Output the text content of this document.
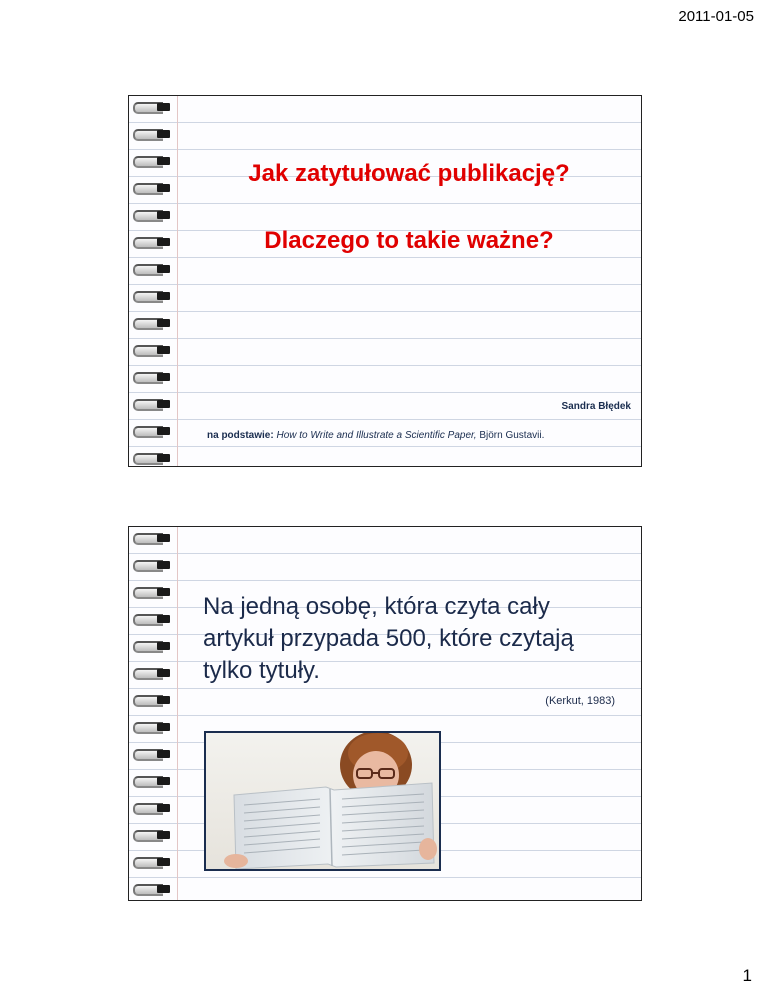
2011-01-05
Jak zatytułować publikację?
Dlaczego to takie ważne?
Sandra Błędek
na podstawie: How to Write and Illustrate a Scientific Paper, Björn Gustavii.
Na jedną osobę, która czyta cały artykuł przypada 500, które czytają tylko tytuły.
(Kerkut, 1983)
1
